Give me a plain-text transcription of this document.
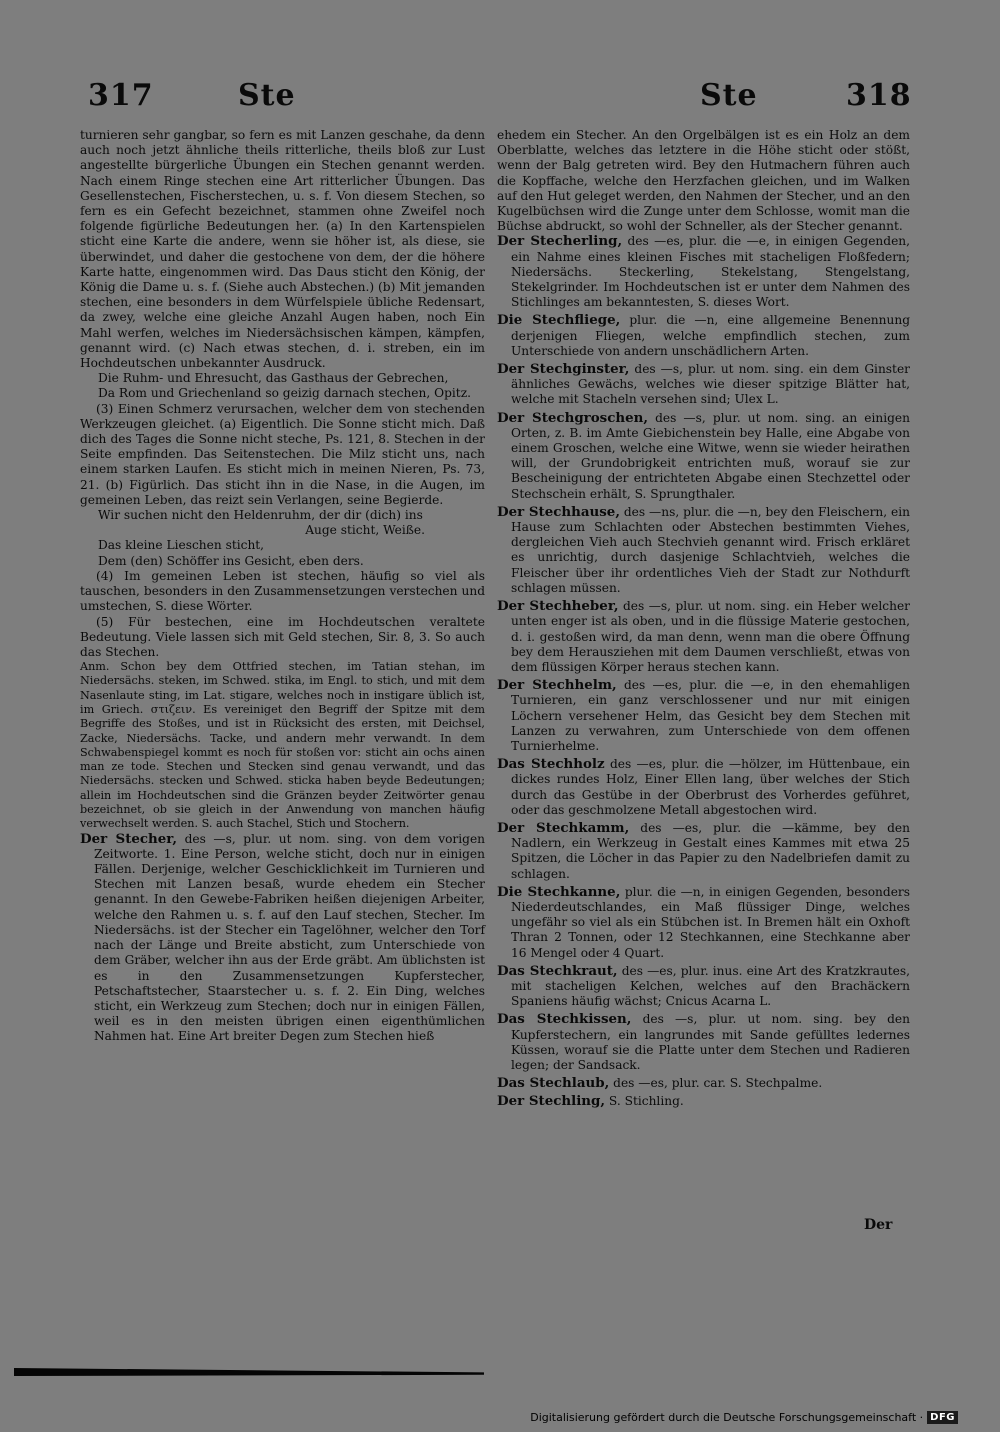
317	Ste	Ste	318

turnieren sehr gangbar, so fern es mit Lanzen geschahe, da denn auch noch jetzt ähnliche theils ritterliche, theils bloß zur Lust angestellte bürgerliche Übungen ein Stechen genannt werden. Nach einem Ringe stechen eine Art ritterlicher Übungen. Das Gesellenstechen, Fischerstechen, u. s. f. Von diesem Stechen, so fern es ein Gefecht bezeichnet, stammen ohne Zweifel noch folgende figürliche Bedeutungen her. (a) In den Kartenspielen sticht eine Karte die andere, wenn sie höher ist, als diese, sie überwindet, und daher die gestochene von dem, der die höhere Karte hatte, eingenommen wird. Das Daus sticht den König, der König die Dame u. s. f. (Siehe auch Abstechen.) (b) Mit jemanden stechen, eine besonders in dem Würfelspiele übliche Redensart, da zwey, welche eine gleiche Anzahl Augen haben, noch Ein Mahl werfen, welches im Niedersächsischen kämpen, kämpfen, genannt wird. (c) Nach etwas stechen, d. i. streben, ein im Hochdeutschen unbekannter Ausdruck.

Die Ruhm- und Ehresucht, das Gasthaus der Gebrechen,

Da Rom und Griechenland so geizig darnach stechen, Opitz.

(3) Einen Schmerz verursachen, welcher dem von stechenden Werkzeugen gleichet. (a) Eigentlich. Die Sonne sticht mich. Daß dich des Tages die Sonne nicht steche, Ps. 121, 8. Stechen in der Seite empfinden. Das Seitenstechen. Die Milz sticht uns, nach einem starken Laufen. Es sticht mich in meinen Nieren, Ps. 73, 21. (b) Figürlich. Das sticht ihn in die Nase, in die Augen, im gemeinen Leben, das reizt sein Verlangen, seine Begierde.

Wir suchen nicht den Heldenruhm, der dir (dich) ins

Auge sticht, Weiße.

Das kleine Lieschen sticht,

Dem (den) Schöffer ins Gesicht, eben ders.

(4) Im gemeinen Leben ist stechen, häufig so viel als tauschen, besonders in den Zusammensetzungen verstechen und umstechen, S. diese Wörter.

(5) Für bestechen, eine im Hochdeutschen veraltete Bedeutung. Viele lassen sich mit Geld stechen, Sir. 8, 3. So auch das Stechen.

Anm. Schon bey dem Ottfried stechen, im Tatian stehan, im Niedersächs. steken, im Schwed. stika, im Engl. to stich, und mit dem Nasenlaute sting, im Lat. stigare, welches noch in instigare üblich ist, im Griech. στιζειν. Es vereiniget den Begriff der Spitze mit dem Begriffe des Stoßes, und ist in Rücksicht des ersten, mit Deichsel, Zacke, Niedersächs. Tacke, und andern mehr verwandt. In dem Schwabenspiegel kommt es noch für stoßen vor: sticht ain ochs ainen man ze tode. Stechen und Stecken sind genau verwandt, und das Niedersächs. stecken und Schwed. sticka haben beyde Bedeutungen; allein im Hochdeutschen sind die Gränzen beyder Zeitwörter genau bezeichnet, ob sie gleich in der Anwendung von manchen häufig verwechselt werden. S. auch Stachel, Stich und Stochern.

Der Stecher, des —s, plur. ut nom. sing. von dem vorigen Zeitworte. 1. Eine Person, welche sticht, doch nur in einigen Fällen. Derjenige, welcher Geschicklichkeit im Turnieren und Stechen mit Lanzen besaß, wurde ehedem ein Stecher genannt. In den Gewebe-Fabriken heißen diejenigen Arbeiter, welche den Rahmen u. s. f. auf den Lauf stechen, Stecher. Im Niedersächs. ist der Stecher ein Tagelöhner, welcher den Torf nach der Länge und Breite absticht, zum Unterschiede von dem Gräber, welcher ihn aus der Erde gräbt. Am üblichsten ist es in den Zusammensetzungen Kupferstecher, Petschaftstecher, Staarstecher u. s. f. 2. Ein Ding, welches sticht, ein Werkzeug zum Stechen; doch nur in einigen Fällen, weil es in den meisten übrigen einen eigenthümlichen Nahmen hat. Eine Art breiter Degen zum Stechen hieß

ehedem ein Stecher. An den Orgelbälgen ist es ein Holz an dem Oberblatte, welches das letztere in die Höhe sticht oder stößt, wenn der Balg getreten wird. Bey den Hutmachern führen auch die Kopffache, welche den Herzfachen gleichen, und im Walken auf den Hut geleget werden, den Nahmen der Stecher, und an den Kugelbüchsen wird die Zunge unter dem Schlosse, womit man die Büchse abdruckt, so wohl der Schneller, als der Stecher genannt.

Der Stecherling, des —es, plur. die —e, in einigen Gegenden, ein Nahme eines kleinen Fisches mit stacheligen Floßfedern; Niedersächs. Steckerling, Stekelstang, Stengelstang, Stekelgrinder. Im Hochdeutschen ist er unter dem Nahmen des Stichlinges am bekanntesten, S. dieses Wort.

Die Stechfliege, plur. die —n, eine allgemeine Benennung derjenigen Fliegen, welche empfindlich stechen, zum Unterschiede von andern unschädlichern Arten.

Der Stechginster, des —s, plur. ut nom. sing. ein dem Ginster ähnliches Gewächs, welches wie dieser spitzige Blätter hat, welche mit Stacheln versehen sind; Ulex L.

Der Stechgroschen, des —s, plur. ut nom. sing. an einigen Orten, z. B. im Amte Giebichenstein bey Halle, eine Abgabe von einem Groschen, welche eine Witwe, wenn sie wieder heirathen will, der Grundobrigkeit entrichten muß, worauf sie zur Bescheinigung der entrichteten Abgabe einen Stechzettel oder Stechschein erhält, S. Sprungthaler.

Der Stechhause, des —ns, plur. die —n, bey den Fleischern, ein Hause zum Schlachten oder Abstechen bestimmten Viehes, dergleichen Vieh auch Stechvieh genannt wird. Frisch erkläret es unrichtig, durch dasjenige Schlachtvieh, welches die Fleischer über ihr ordentliches Vieh der Stadt zur Nothdurft schlagen müssen.

Der Stechheber, des —s, plur. ut nom. sing. ein Heber welcher unten enger ist als oben, und in die flüssige Materie gestochen, d. i. gestoßen wird, da man denn, wenn man die obere Öffnung bey dem Herausziehen mit dem Daumen verschließt, etwas von dem flüssigen Körper heraus stechen kann.

Der Stechhelm, des —es, plur. die —e, in den ehemahligen Turnieren, ein ganz verschlossener und nur mit einigen Löchern versehener Helm, das Gesicht bey dem Stechen mit Lanzen zu verwahren, zum Unterschiede von dem offenen Turnierhelme.

Das Stechholz des —es, plur. die —hölzer, im Hüttenbaue, ein dickes rundes Holz, Einer Ellen lang, über welches der Stich durch das Gestübe in der Oberbrust des Vorherdes geführet, oder das geschmolzene Metall abgestochen wird.

Der Stechkamm, des —es, plur. die —kämme, bey den Nadlern, ein Werkzeug in Gestalt eines Kammes mit etwa 25 Spitzen, die Löcher in das Papier zu den Nadelbriefen damit zu schlagen.

Die Stechkanne, plur. die —n, in einigen Gegenden, besonders Niederdeutschlandes, ein Maß flüssiger Dinge, welches ungefähr so viel als ein Stübchen ist. In Bremen hält ein Oxhoft Thran 2 Tonnen, oder 12 Stechkannen, eine Stechkanne aber 16 Mengel oder 4 Quart.

Das Stechkraut, des —es, plur. inus. eine Art des Kratzkrautes, mit stacheligen Kelchen, welches auf den Brachäckern Spaniens häufig wächst; Cnicus Acarna L.

Das Stechkissen, des —s, plur. ut nom. sing. bey den Kupferstechern, ein langrundes mit Sande gefülltes ledernes Küssen, worauf sie die Platte unter dem Stechen und Radieren legen; der Sandsack.

Das Stechlaub, des —es, plur. car. S. Stechpalme.

Der Stechling, S. Stichling.

Der
Digitalisierung gefördert durch die Deutsche Forschungsgemeinschaft · DFG
